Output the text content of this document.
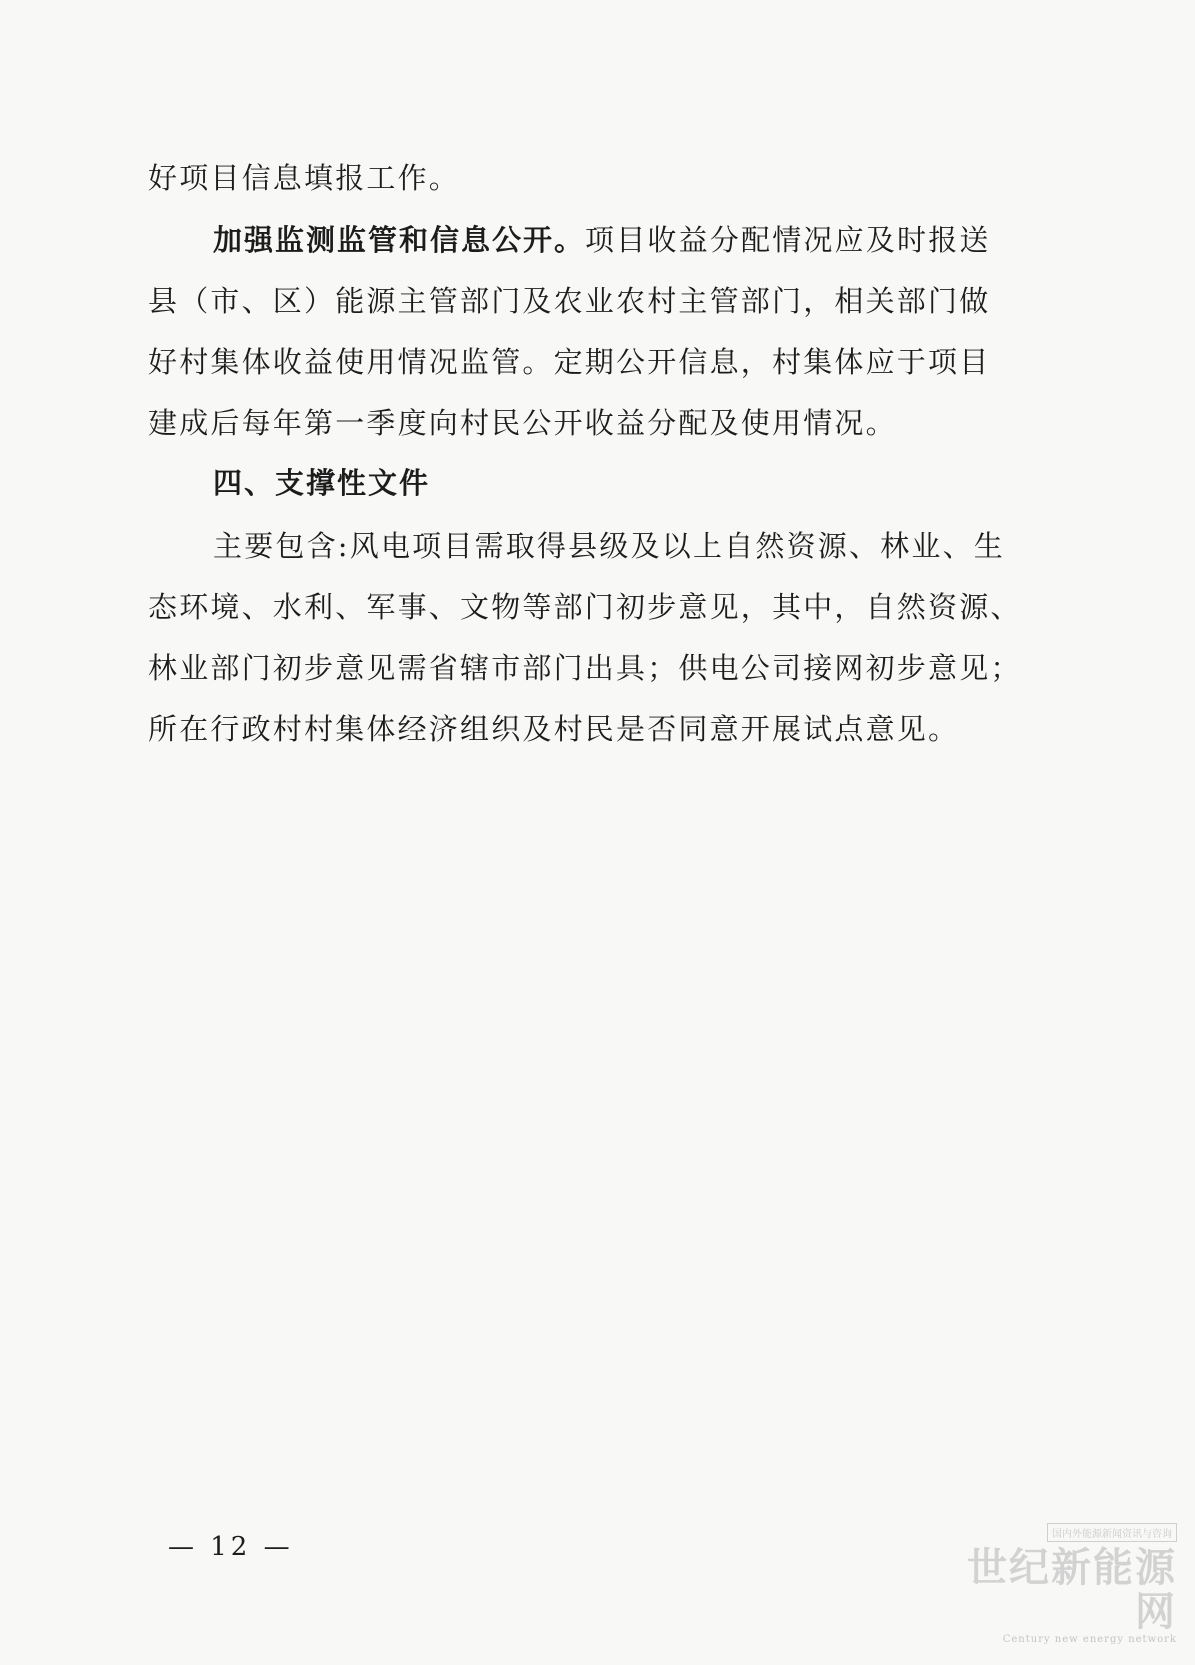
好项目信息填报工作。
加强监测监管和信息公开。项目收益分配情况应及时报送
县（市、区）能源主管部门及农业农村主管部门，相关部门做
好村集体收益使用情况监管。定期公开信息，村集体应于项目
建成后每年第一季度向村民公开收益分配及使用情况。
四、支撑性文件
主要包含:风电项目需取得县级及以上自然资源、林业、生
态环境、水利、军事、文物等部门初步意见，其中，自然资源、
林业部门初步意见需省辖市部门出具；供电公司接网初步意见；
所在行政村村集体经济组织及村民是否同意开展试点意见。
— 12 —	国内外能源新闻资讯与咨询
世纪新能源网
Century new energy network
